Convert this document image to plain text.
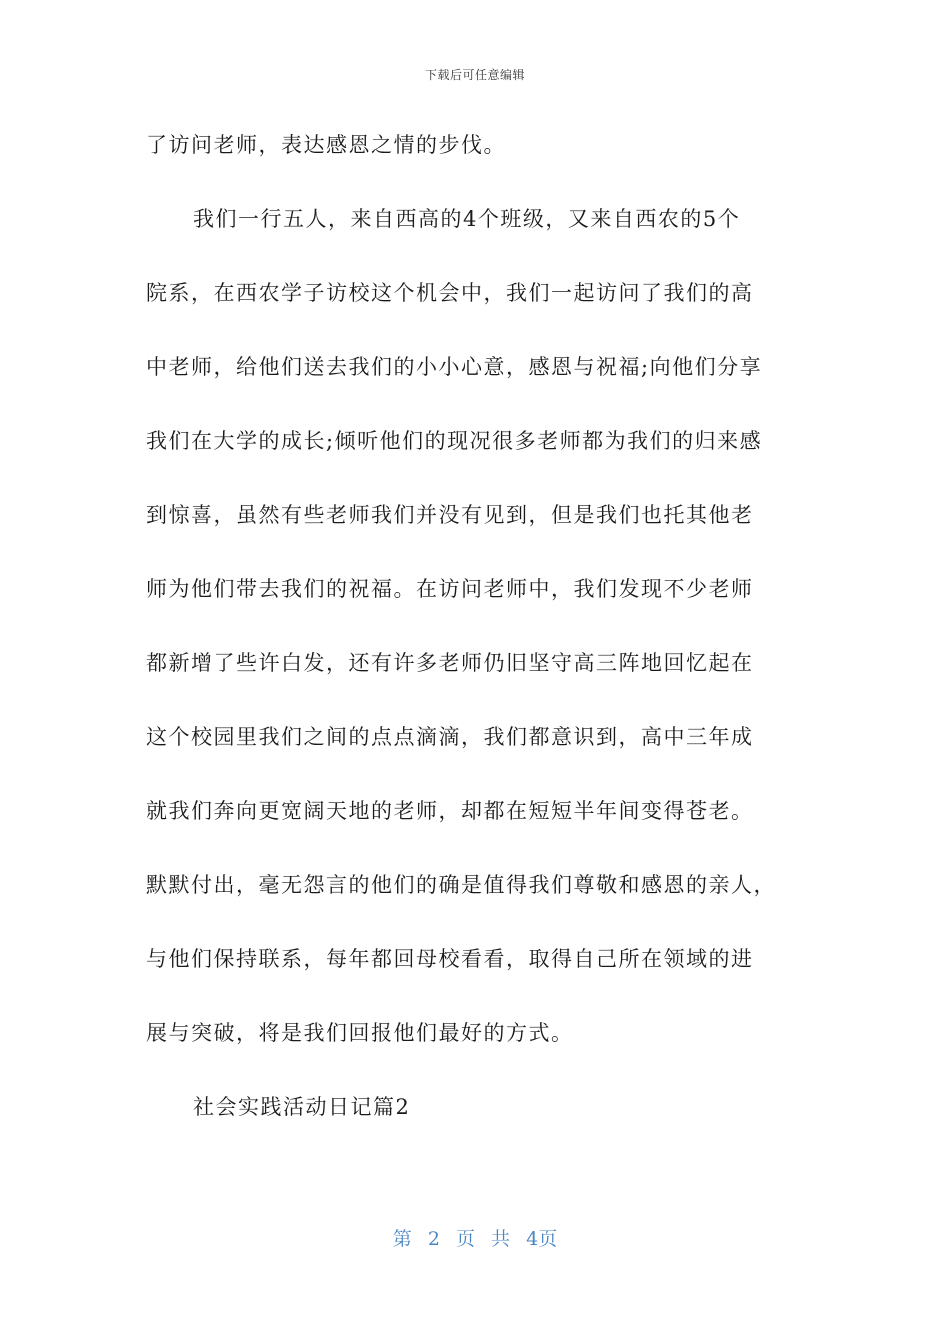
下载后可任意编辑
了访问老师，表达感恩之情的步伐。
我们一行五人，来自西高的4个班级，又来自西农的5个
院系，在西农学子访校这个机会中，我们一起访问了我们的高
中老师，给他们送去我们的小小心意，感恩与祝福;向他们分享
我们在大学的成长;倾听他们的现况很多老师都为我们的归来感
到惊喜，虽然有些老师我们并没有见到，但是我们也托其他老
师为他们带去我们的祝福。在访问老师中，我们发现不少老师
都新增了些许白发，还有许多老师仍旧坚守高三阵地回忆起在
这个校园里我们之间的点点滴滴，我们都意识到，高中三年成
就我们奔向更宽阔天地的老师，却都在短短半年间变得苍老。
默默付出，毫无怨言的他们的确是值得我们尊敬和感恩的亲人，
与他们保持联系，每年都回母校看看，取得自己所在领域的进
展与突破，将是我们回报他们最好的方式。
社会实践活动日记篇2
第 2 页 共 4页
